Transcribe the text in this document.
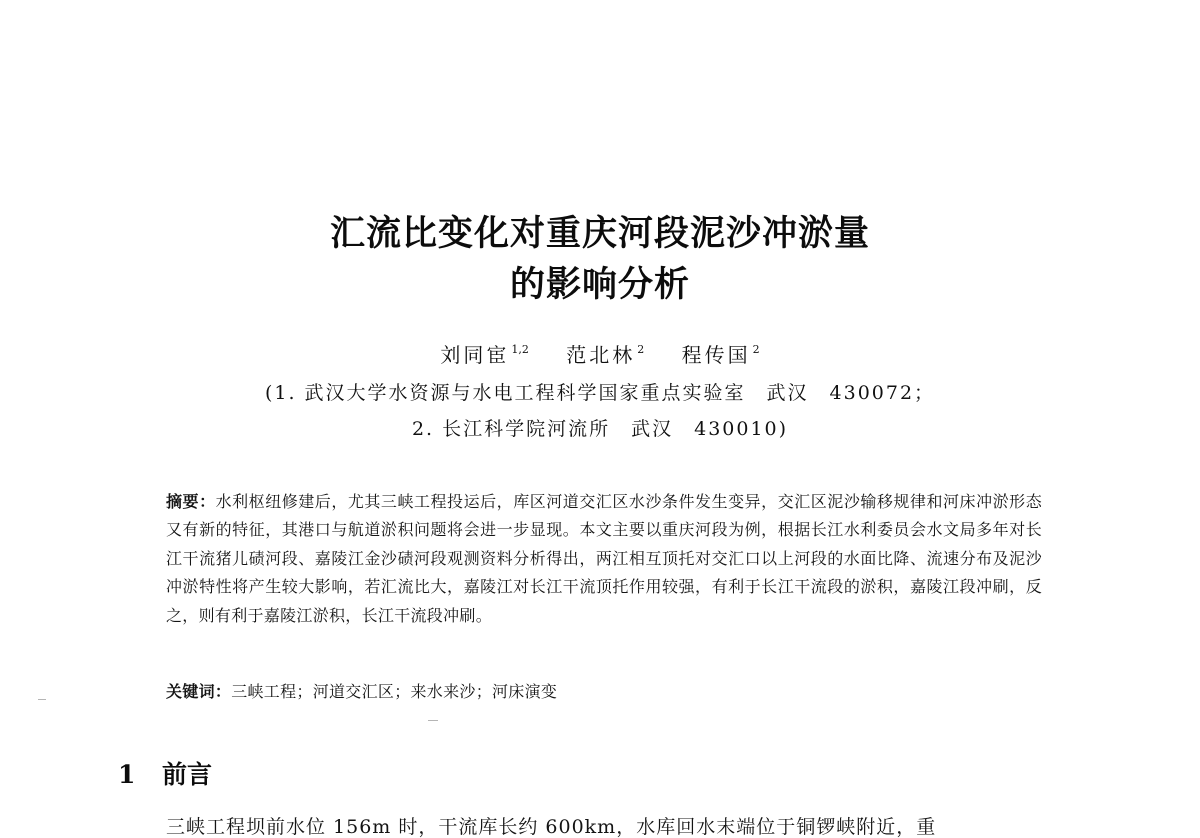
汇流比变化对重庆河段泥沙冲淤量
的影响分析
刘同宦 $^{1,2}$ 范北林 $^2$ 程传国 $^2$
(1. 武汉大学水资源与水电工程科学国家重点实验室　武汉　430072；
2. 长江科学院河流所　武汉　430010)
摘要：水利枢纽修建后，尤其三峡工程投运后，库区河道交汇区水沙条件发生变异，交汇区泥沙输移规律和河床冲淤形态又有新的特征，其港口与航道淤积问题将会进一步显现。本文主要以重庆河段为例，根据长江水利委员会水文局多年对长江干流猪儿碛河段、嘉陵江金沙碛河段观测资料分析得出，两江相互顶托对交汇口以上河段的水面比降、流速分布及泥沙冲淤特性将产生较大影响，若汇流比大，嘉陵江对长江干流顶托作用较强，有利于长江干流段的淤积，嘉陵江段冲刷，反之，则有利于嘉陵江淤积，长江干流段冲刷。
关键词：三峡工程；河道交汇区；来水来沙；河床演变
1 前言
三峡工程坝前水位 156m 时，干流库长约 600km，水库回水末端位于铜锣峡附近，重
